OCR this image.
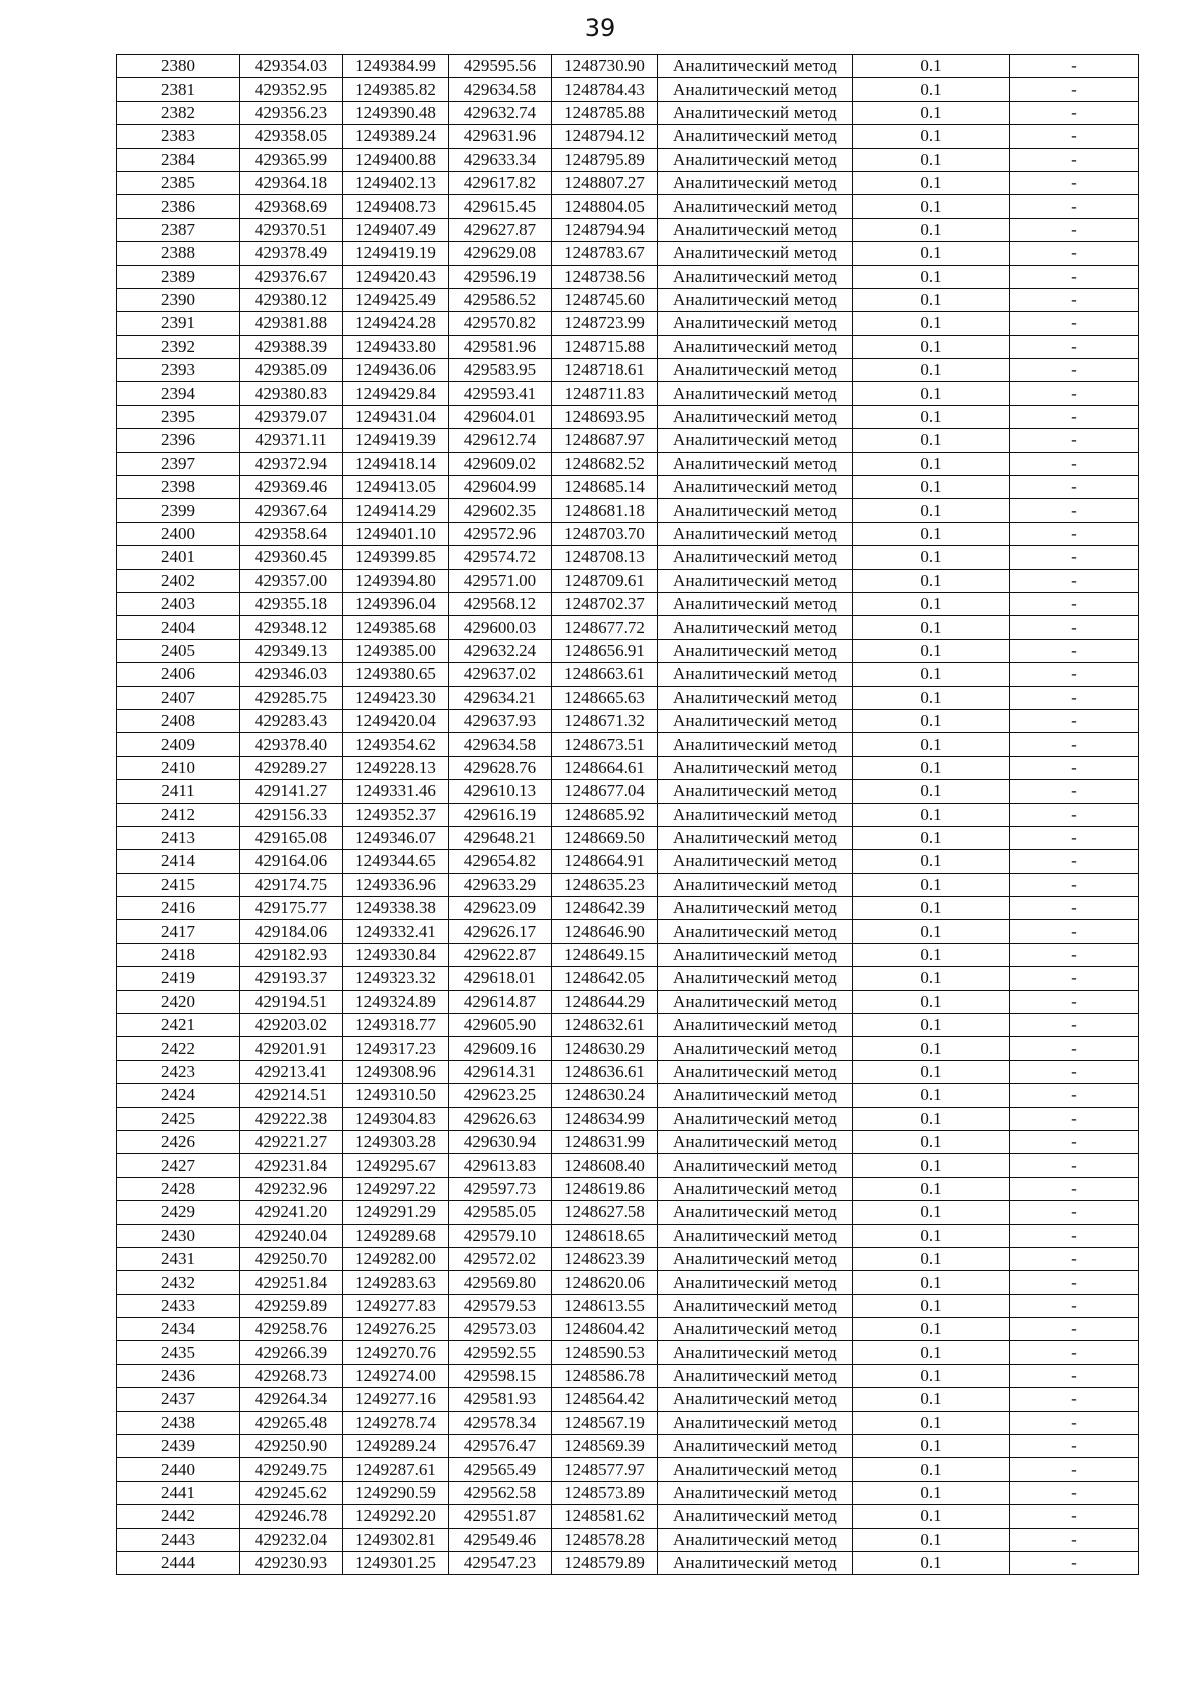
39
2380	429354.03	1249384.99	429595.56	1248730.90	Аналитический метод	0.1	-
2381	429352.95	1249385.82	429634.58	1248784.43	Аналитический метод	0.1	-
2382	429356.23	1249390.48	429632.74	1248785.88	Аналитический метод	0.1	-
2383	429358.05	1249389.24	429631.96	1248794.12	Аналитический метод	0.1	-
2384	429365.99	1249400.88	429633.34	1248795.89	Аналитический метод	0.1	-
2385	429364.18	1249402.13	429617.82	1248807.27	Аналитический метод	0.1	-
2386	429368.69	1249408.73	429615.45	1248804.05	Аналитический метод	0.1	-
2387	429370.51	1249407.49	429627.87	1248794.94	Аналитический метод	0.1	-
2388	429378.49	1249419.19	429629.08	1248783.67	Аналитический метод	0.1	-
2389	429376.67	1249420.43	429596.19	1248738.56	Аналитический метод	0.1	-
2390	429380.12	1249425.49	429586.52	1248745.60	Аналитический метод	0.1	-
2391	429381.88	1249424.28	429570.82	1248723.99	Аналитический метод	0.1	-
2392	429388.39	1249433.80	429581.96	1248715.88	Аналитический метод	0.1	-
2393	429385.09	1249436.06	429583.95	1248718.61	Аналитический метод	0.1	-
2394	429380.83	1249429.84	429593.41	1248711.83	Аналитический метод	0.1	-
2395	429379.07	1249431.04	429604.01	1248693.95	Аналитический метод	0.1	-
2396	429371.11	1249419.39	429612.74	1248687.97	Аналитический метод	0.1	-
2397	429372.94	1249418.14	429609.02	1248682.52	Аналитический метод	0.1	-
2398	429369.46	1249413.05	429604.99	1248685.14	Аналитический метод	0.1	-
2399	429367.64	1249414.29	429602.35	1248681.18	Аналитический метод	0.1	-
2400	429358.64	1249401.10	429572.96	1248703.70	Аналитический метод	0.1	-
2401	429360.45	1249399.85	429574.72	1248708.13	Аналитический метод	0.1	-
2402	429357.00	1249394.80	429571.00	1248709.61	Аналитический метод	0.1	-
2403	429355.18	1249396.04	429568.12	1248702.37	Аналитический метод	0.1	-
2404	429348.12	1249385.68	429600.03	1248677.72	Аналитический метод	0.1	-
2405	429349.13	1249385.00	429632.24	1248656.91	Аналитический метод	0.1	-
2406	429346.03	1249380.65	429637.02	1248663.61	Аналитический метод	0.1	-
2407	429285.75	1249423.30	429634.21	1248665.63	Аналитический метод	0.1	-
2408	429283.43	1249420.04	429637.93	1248671.32	Аналитический метод	0.1	-
2409	429378.40	1249354.62	429634.58	1248673.51	Аналитический метод	0.1	-
2410	429289.27	1249228.13	429628.76	1248664.61	Аналитический метод	0.1	-
2411	429141.27	1249331.46	429610.13	1248677.04	Аналитический метод	0.1	-
2412	429156.33	1249352.37	429616.19	1248685.92	Аналитический метод	0.1	-
2413	429165.08	1249346.07	429648.21	1248669.50	Аналитический метод	0.1	-
2414	429164.06	1249344.65	429654.82	1248664.91	Аналитический метод	0.1	-
2415	429174.75	1249336.96	429633.29	1248635.23	Аналитический метод	0.1	-
2416	429175.77	1249338.38	429623.09	1248642.39	Аналитический метод	0.1	-
2417	429184.06	1249332.41	429626.17	1248646.90	Аналитический метод	0.1	-
2418	429182.93	1249330.84	429622.87	1248649.15	Аналитический метод	0.1	-
2419	429193.37	1249323.32	429618.01	1248642.05	Аналитический метод	0.1	-
2420	429194.51	1249324.89	429614.87	1248644.29	Аналитический метод	0.1	-
2421	429203.02	1249318.77	429605.90	1248632.61	Аналитический метод	0.1	-
2422	429201.91	1249317.23	429609.16	1248630.29	Аналитический метод	0.1	-
2423	429213.41	1249308.96	429614.31	1248636.61	Аналитический метод	0.1	-
2424	429214.51	1249310.50	429623.25	1248630.24	Аналитический метод	0.1	-
2425	429222.38	1249304.83	429626.63	1248634.99	Аналитический метод	0.1	-
2426	429221.27	1249303.28	429630.94	1248631.99	Аналитический метод	0.1	-
2427	429231.84	1249295.67	429613.83	1248608.40	Аналитический метод	0.1	-
2428	429232.96	1249297.22	429597.73	1248619.86	Аналитический метод	0.1	-
2429	429241.20	1249291.29	429585.05	1248627.58	Аналитический метод	0.1	-
2430	429240.04	1249289.68	429579.10	1248618.65	Аналитический метод	0.1	-
2431	429250.70	1249282.00	429572.02	1248623.39	Аналитический метод	0.1	-
2432	429251.84	1249283.63	429569.80	1248620.06	Аналитический метод	0.1	-
2433	429259.89	1249277.83	429579.53	1248613.55	Аналитический метод	0.1	-
2434	429258.76	1249276.25	429573.03	1248604.42	Аналитический метод	0.1	-
2435	429266.39	1249270.76	429592.55	1248590.53	Аналитический метод	0.1	-
2436	429268.73	1249274.00	429598.15	1248586.78	Аналитический метод	0.1	-
2437	429264.34	1249277.16	429581.93	1248564.42	Аналитический метод	0.1	-
2438	429265.48	1249278.74	429578.34	1248567.19	Аналитический метод	0.1	-
2439	429250.90	1249289.24	429576.47	1248569.39	Аналитический метод	0.1	-
2440	429249.75	1249287.61	429565.49	1248577.97	Аналитический метод	0.1	-
2441	429245.62	1249290.59	429562.58	1248573.89	Аналитический метод	0.1	-
2442	429246.78	1249292.20	429551.87	1248581.62	Аналитический метод	0.1	-
2443	429232.04	1249302.81	429549.46	1248578.28	Аналитический метод	0.1	-
2444	429230.93	1249301.25	429547.23	1248579.89	Аналитический метод	0.1	-
